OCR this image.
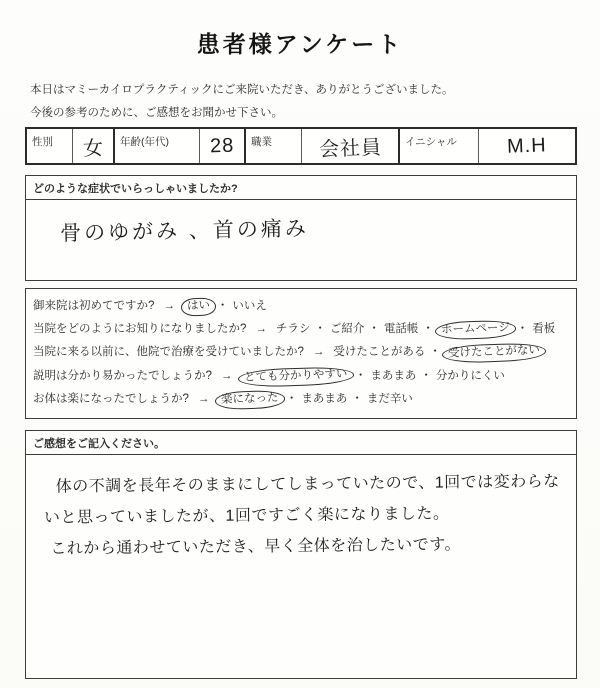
患者様アンケート
本日はマミーカイロプラクティックにご来院いただき、ありがとうございました。
今後の参考のために、ご感想をお聞かせ下さい。
性別	女	年齢(年代)	28	職業	会社員	イニシャル	M.H
どのような症状でいらっしゃいましたか?
骨のゆがみ 、首の痛み
御来院は初めてですか? → はい ・ いいえ
当院をどのようにお知りになりましたか? → チラシ ・ ご紹介 ・ 電話帳 ・ ホームページ ・ 看板
当院に来る以前に、他院で治療を受けていましたか? → 受けたことがある ・ 受けたことがない
説明は分かり易かったでしょうか? → とても分かりやすい ・ まあまあ ・ 分かりにくい
お体は楽になったでしょうか? → 楽になった ・ まあまあ ・ まだ辛い
ご感想をご記入ください。
体の不調を長年そのままにしてしまっていたので、1回では変わらな
いと思っていましたが、1回ですごく楽になりました。
これから通わせていただき、早く全体を治したいです。
